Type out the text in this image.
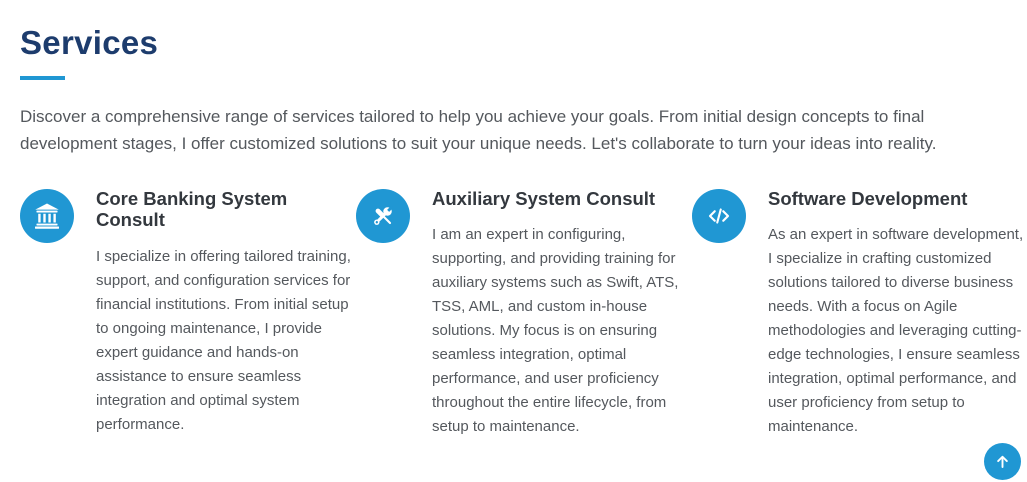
Services

Discover a comprehensive range of services tailored to help you achieve your goals. From initial design concepts to final development stages, I offer customized solutions to suit your unique needs. Let's collaborate to turn your ideas into reality.

Core Banking System Consult

I specialize in offering tailored training, support, and configuration services for financial institutions. From initial setup to ongoing maintenance, I provide expert guidance and hands-on assistance to ensure seamless integration and optimal system performance.

Auxiliary System Consult

I am an expert in configuring, supporting, and providing training for auxiliary systems such as Swift, ATS, TSS, AML, and custom in-house solutions. My focus is on ensuring seamless integration, optimal performance, and user proficiency throughout the entire lifecycle, from setup to maintenance.

Software Development

As an expert in software development, I specialize in crafting customized solutions tailored to diverse business needs. With a focus on Agile methodologies and leveraging cutting-edge technologies, I ensure seamless integration, optimal performance, and user proficiency from setup to maintenance.
